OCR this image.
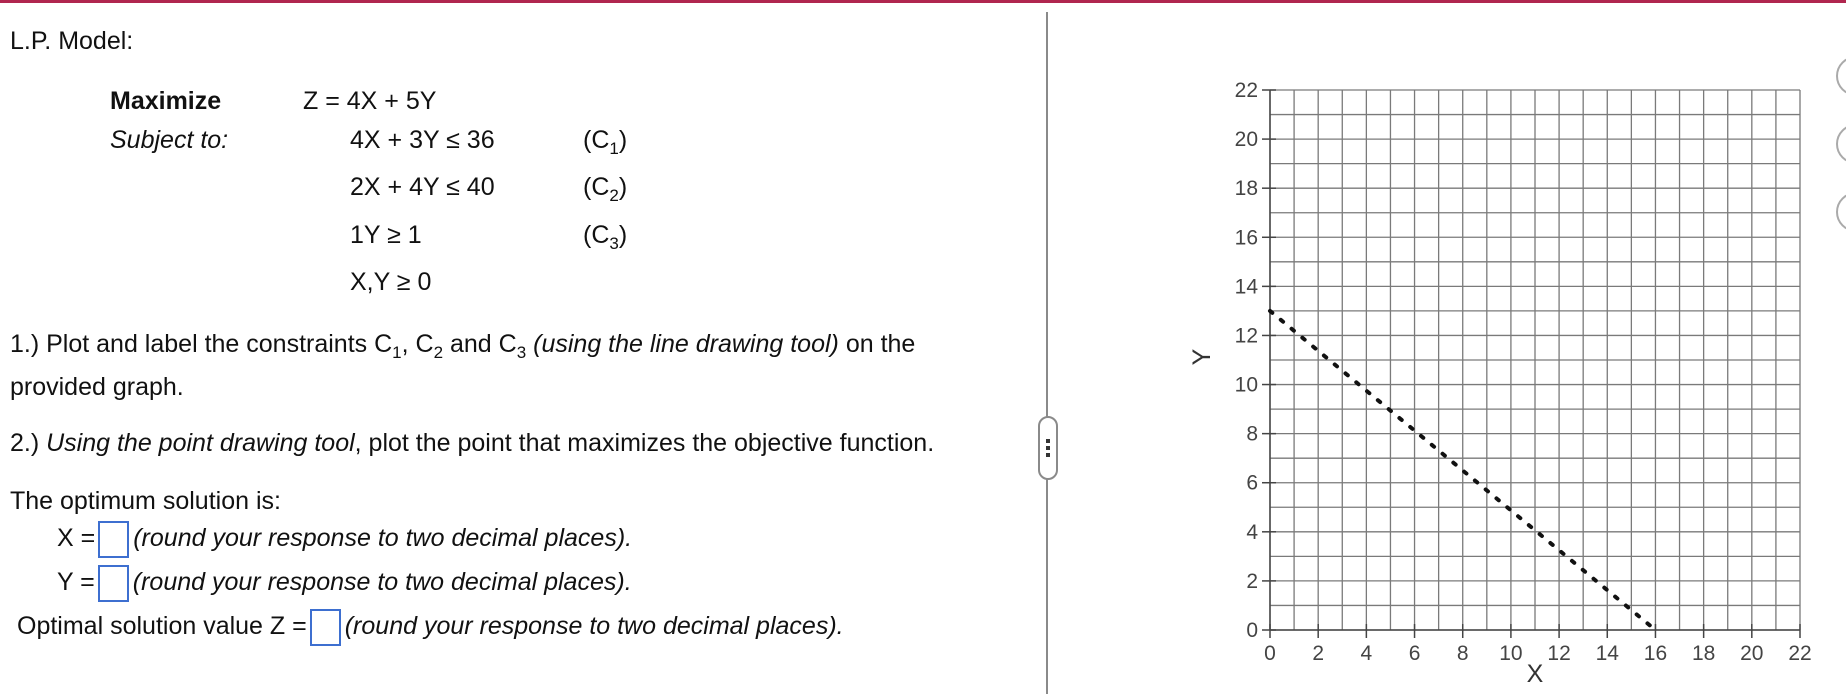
L.P. Model:
Maximize	Z = 4X + 5Y
Subject to:	4X + 3Y ≤ 36	$(C_1)$
2X + 4Y ≤ 40	$(C_2)$
1Y ≥ 1	$(C_3)$
X,Y ≥ 0
1.) Plot and label the constraints $C_1$, $C_2$ and $C_3$ (using the line drawing tool) on the
provided graph.
2.) Using the point drawing tool, plot the point that maximizes the objective function.
The optimum solution is:
X = (round your response to two decimal places).
Y = (round your response to two decimal places).
Optimal solution value Z = (round your response to two decimal places).
0 2 4 6 8 10 12 14 16 18 20 22
0
2
4
6
8
10
12
14
16
18
20
22
X
Y
